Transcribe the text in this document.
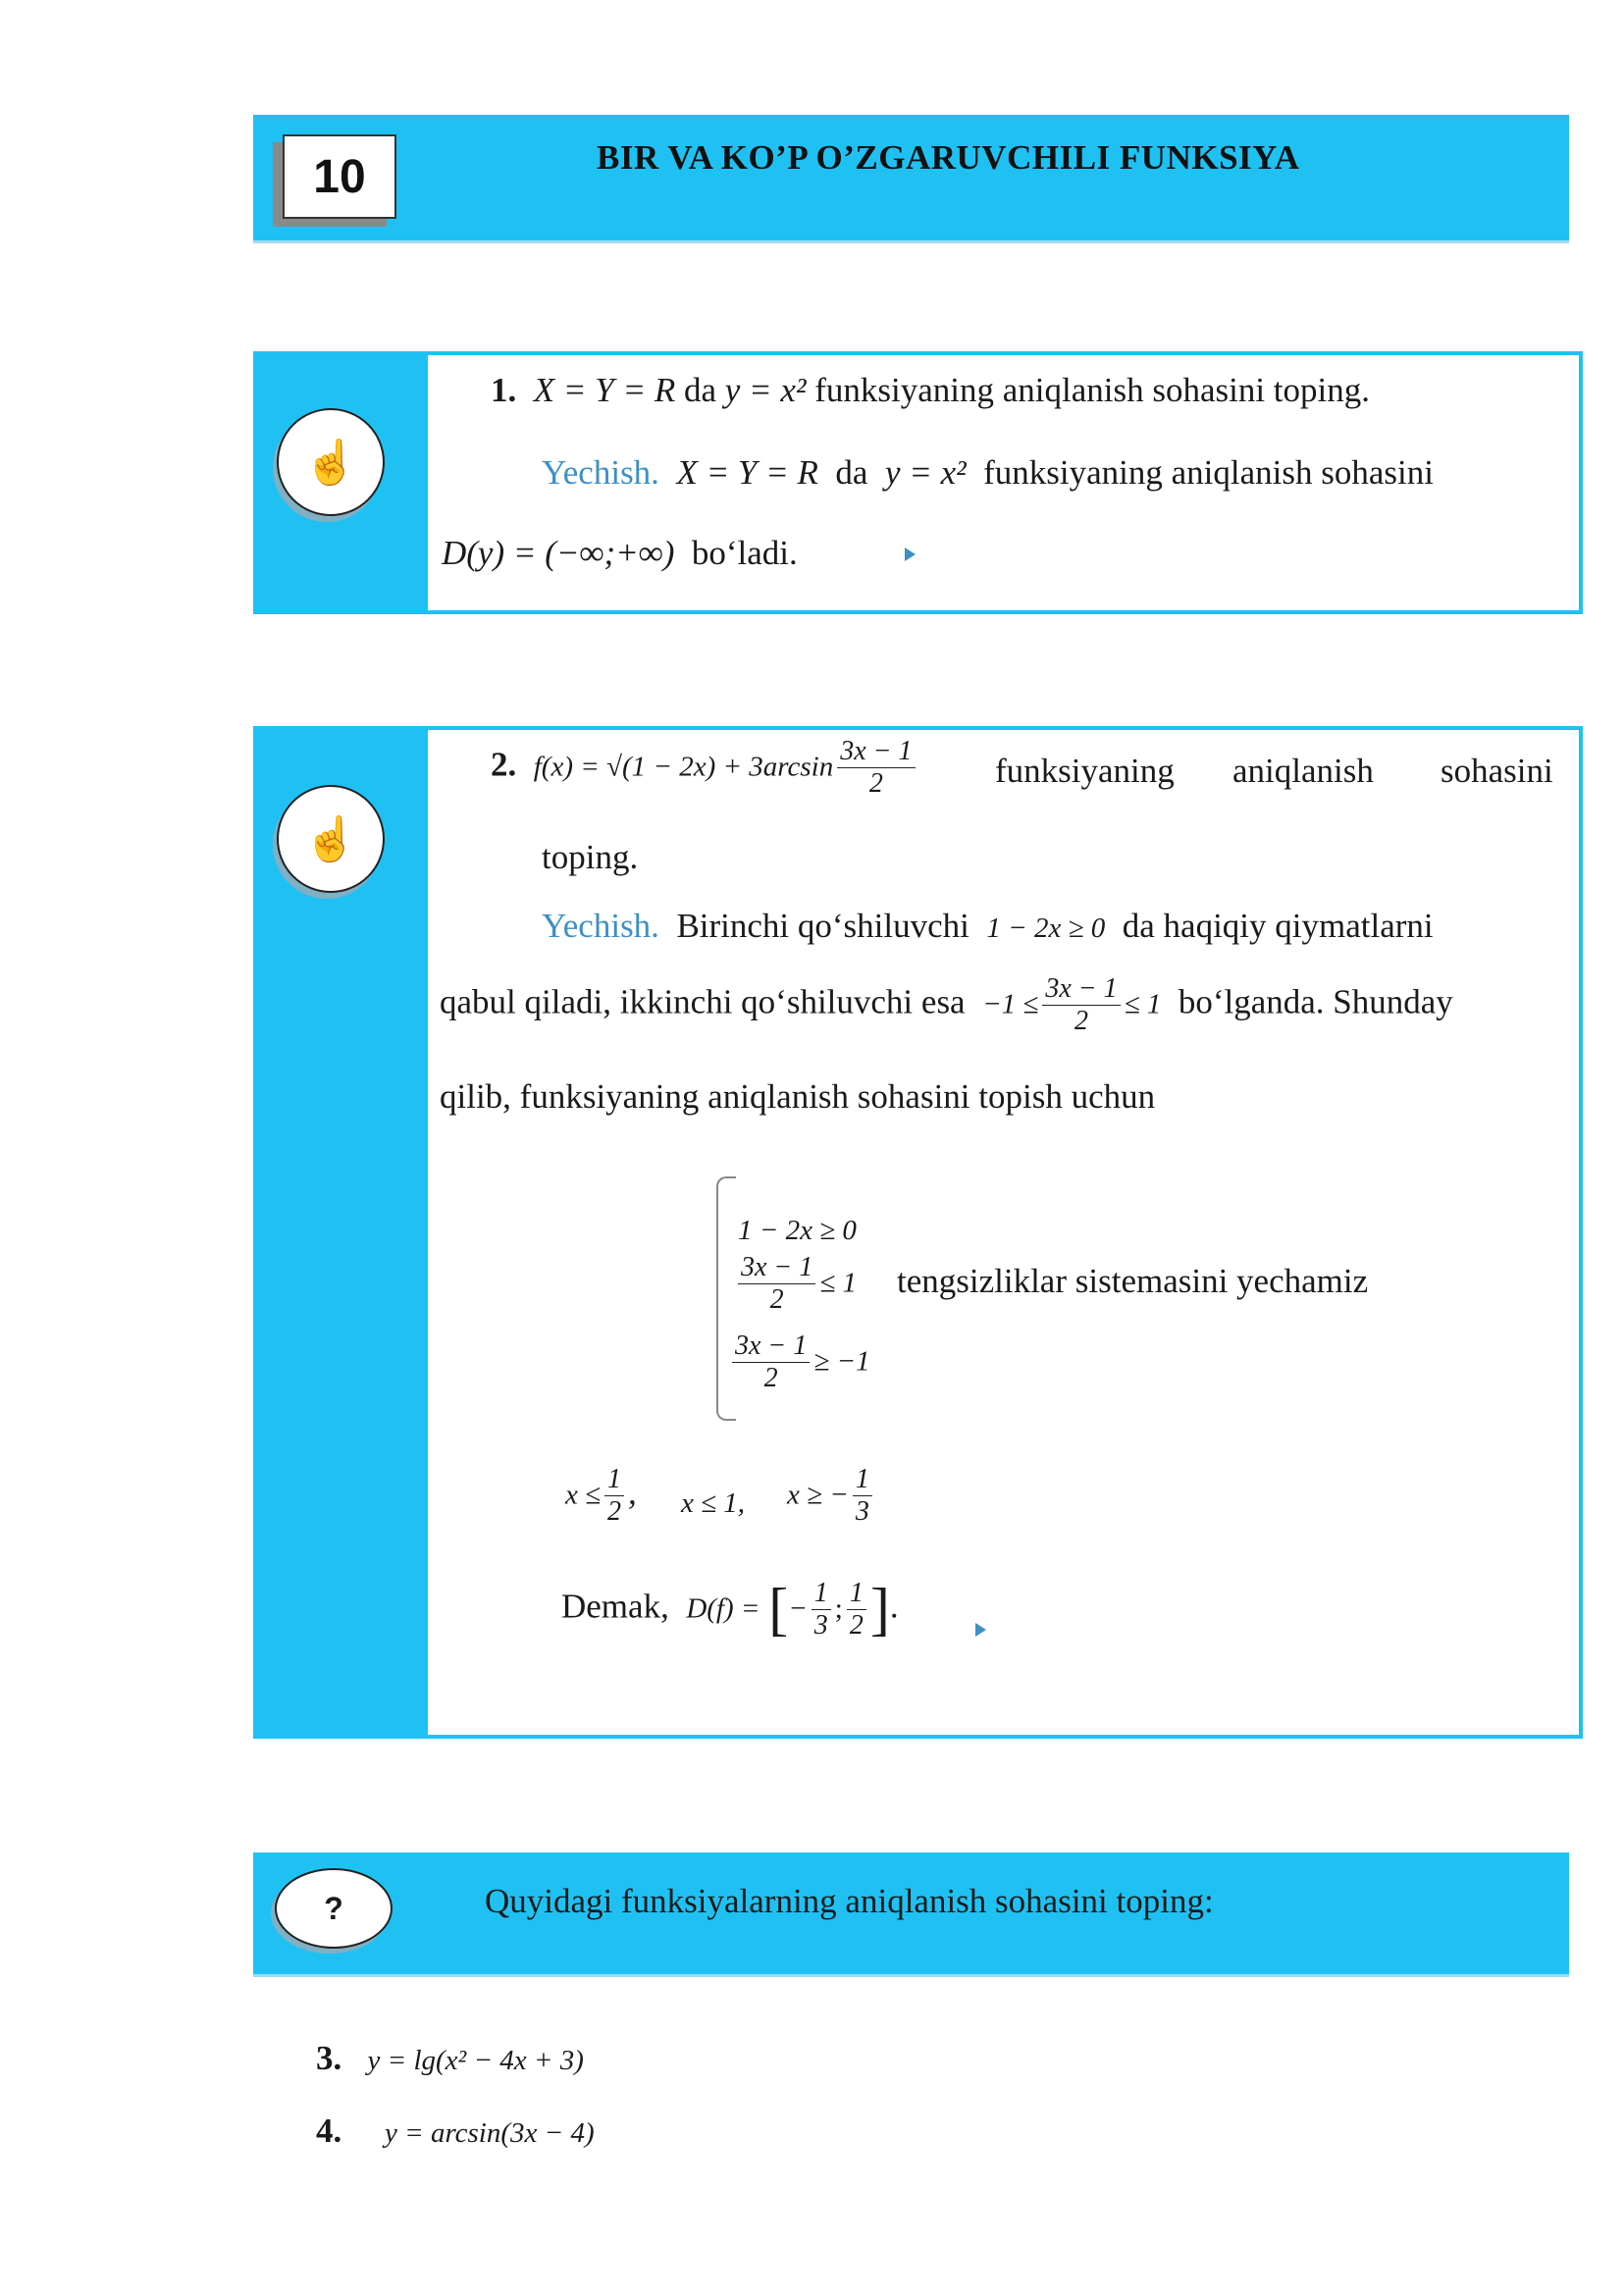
10	BIR VA KO’P O’ZGARUVCHILI FUNKSIYA
☝
1. X = Y = R da y = x² funksiyaning aniqlanish sohasini toping.
Yechish. X = Y = R da y = x² funksiyaning aniqlanish sohasini
D(y) = (−∞;+∞) bo‘ladi.
☝
2. $f(x) = √(1 - 2x) + 3\arcsin \frac{3x - 1}{2}$ funksiyaning aniqlanish sohasini
toping.
Yechish. Birinchi qo‘shiluvchi 1 − 2x ≥ 0 da haqiqiy qiymatlarni
qabul qiladi, ikkinchi qo‘shiluvchi esa $-1 \le \frac{3x - 1}{2} \le 1$ bo‘lganda. Shunday
qilib, funksiyaning aniqlanish sohasini topish uchun
1 − 2x ≥ 0
$\frac{3x - 1}{2} \le 1$
$\frac{3x - 1}{2} \ge -1$
tengsizliklar sistemasini yechamiz
$x \le \frac{1}{2}$ , x ≤ 1, x ≥ − $\frac{1}{3}$
Demak, D(f) = [− $\frac{1}{3}$ ; $\frac{1}{2}$ ].
?	Quyidagi funksiyalarning aniqlanish sohasini toping:
3. y = lg(x² − 4x + 3)
4. y = arcsin(3x − 4)
